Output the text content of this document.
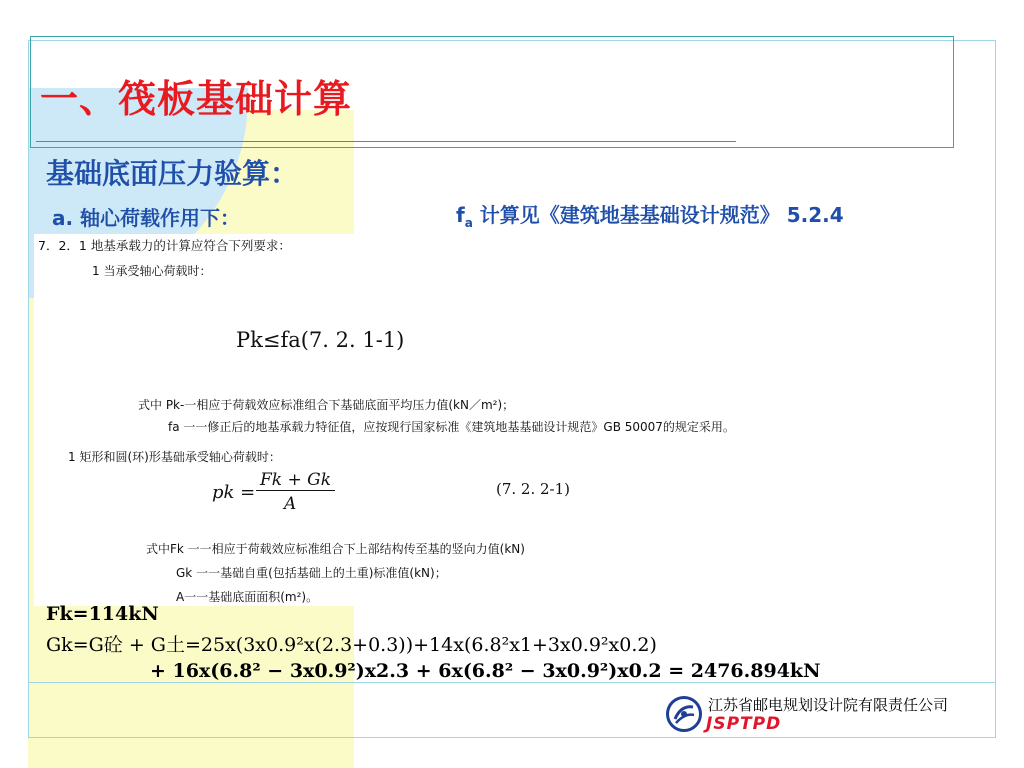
一、筏板基础计算
基础底面压力验算：
a. 轴心荷载作用下：	$f_a$ 计算见《建筑地基基础设计规范》 5.2.4
7．2．1 地基承载力的计算应符合下列要求：
1 当承受轴心荷载时：
Pk≤fa(7. 2. 1-1)
式中 Pk-一相应于荷载效应标准组合下基础底面平均压力值(kN／m²)；
fa 一一修正后的地基承载力特征值，应按现行国家标准《建筑地基基础设计规范》GB 50007的规定采用。
1 矩形和圆(环)形基础承受轴心荷载时：
pk =
Fk + Gk
A
(7. 2. 2-1)
式中Fk 一一相应于荷载效应标准组合下上部结构传至基的竖向力值(kN)
Gk 一一基础自重(包括基础上的土重)标准值(kN)；
A一一基础底面面积(m²)。
Fk=114kN
Gk=G砼 + G土=25x(3x0.9²x(2.3+0.3))+14x(6.8²x1+3x0.9²x0.2)
+ 16x(6.8² − 3x0.9²)x2.3 + 6x(6.8² − 3x0.9²)x0.2 = 2476.894kN
江苏省邮电规划设计院有限责任公司
JSPTPD
